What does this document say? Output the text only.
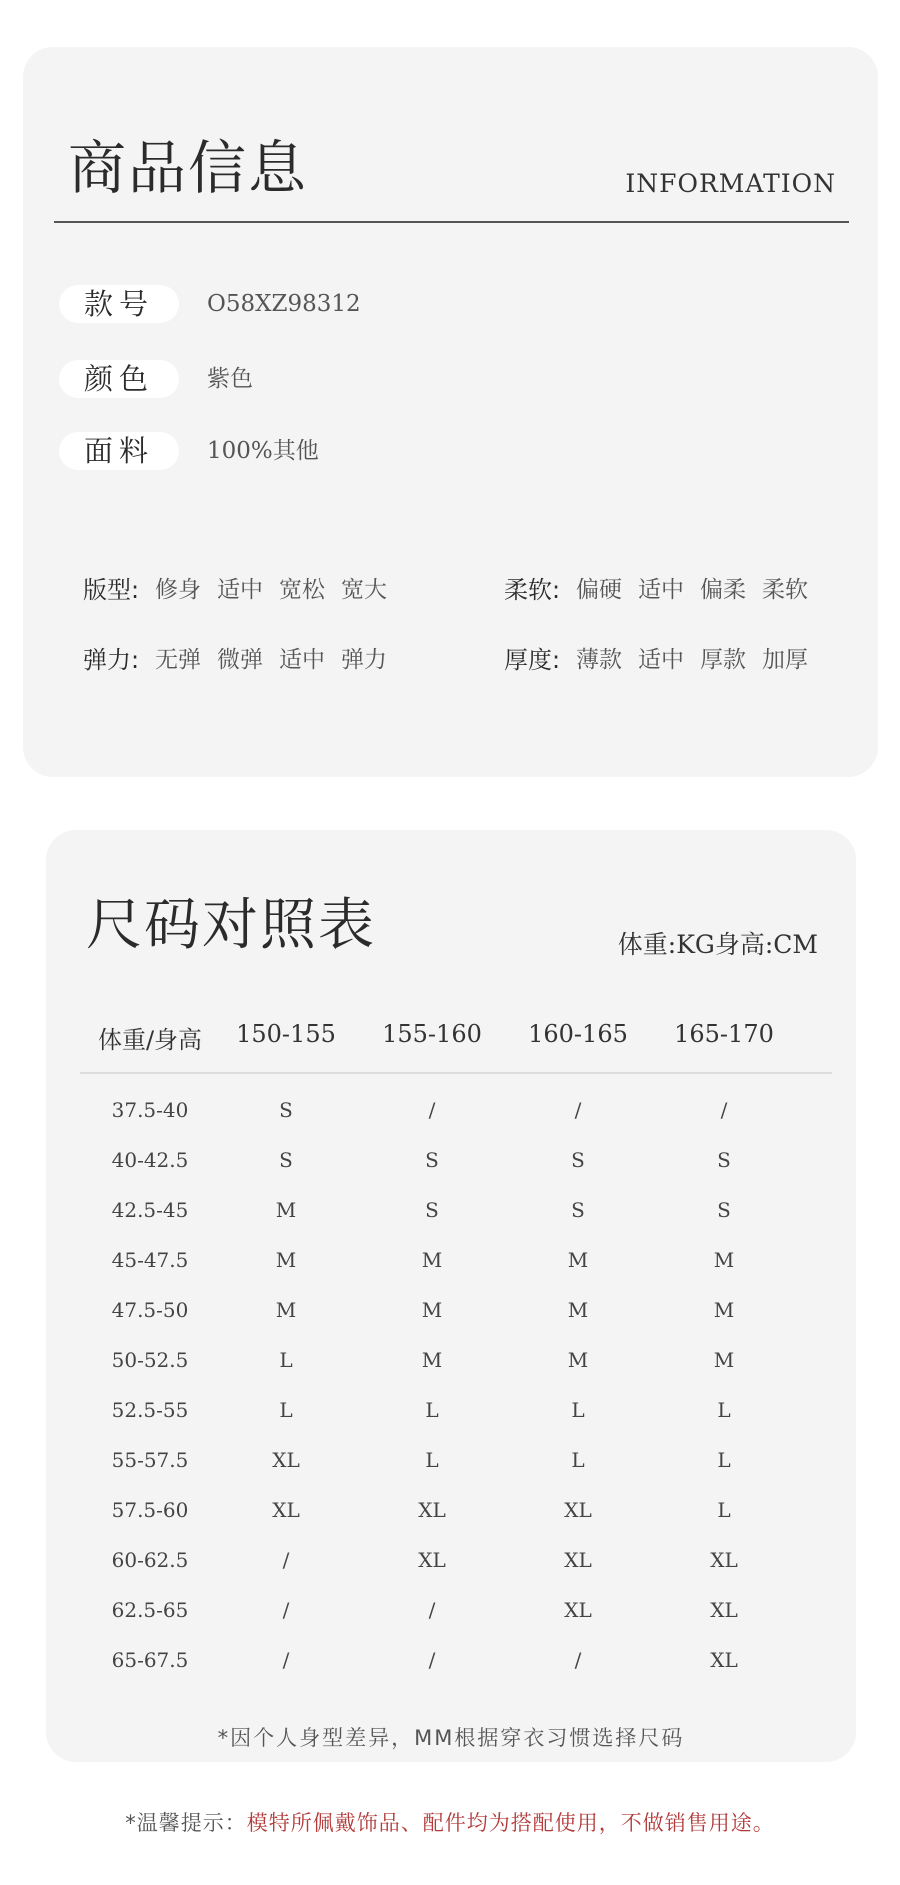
商品信息	INFORMATION
款号	O58XZ98312
颜色	紫色
面料	100%其他
版型: 修身 适中 宽松 宽大	柔软: 偏硬 适中 偏柔 柔软
弹力: 无弹 微弹 适中 弹力	厚度: 薄款 适中 厚款 加厚
尺码对照表	体重:KG身高:CM
体重/身高	150-155	155-160	160-165	165-170
37.5-40	S	/	/	/
40-42.5	S	S	S	S
42.5-45	M	S	S	S
45-47.5	M	M	M	M
47.5-50	M	M	M	M
50-52.5	L	M	M	M
52.5-55	L	L	L	L
55-57.5	XL	L	L	L
57.5-60	XL	XL	XL	L
60-62.5	/	XL	XL	XL
62.5-65	/	/	XL	XL
65-67.5	/	/	/	XL
*因个人身型差异，MM根据穿衣习惯选择尺码
*温馨提示：模特所佩戴饰品、配件均为搭配使用，不做销售用途。
